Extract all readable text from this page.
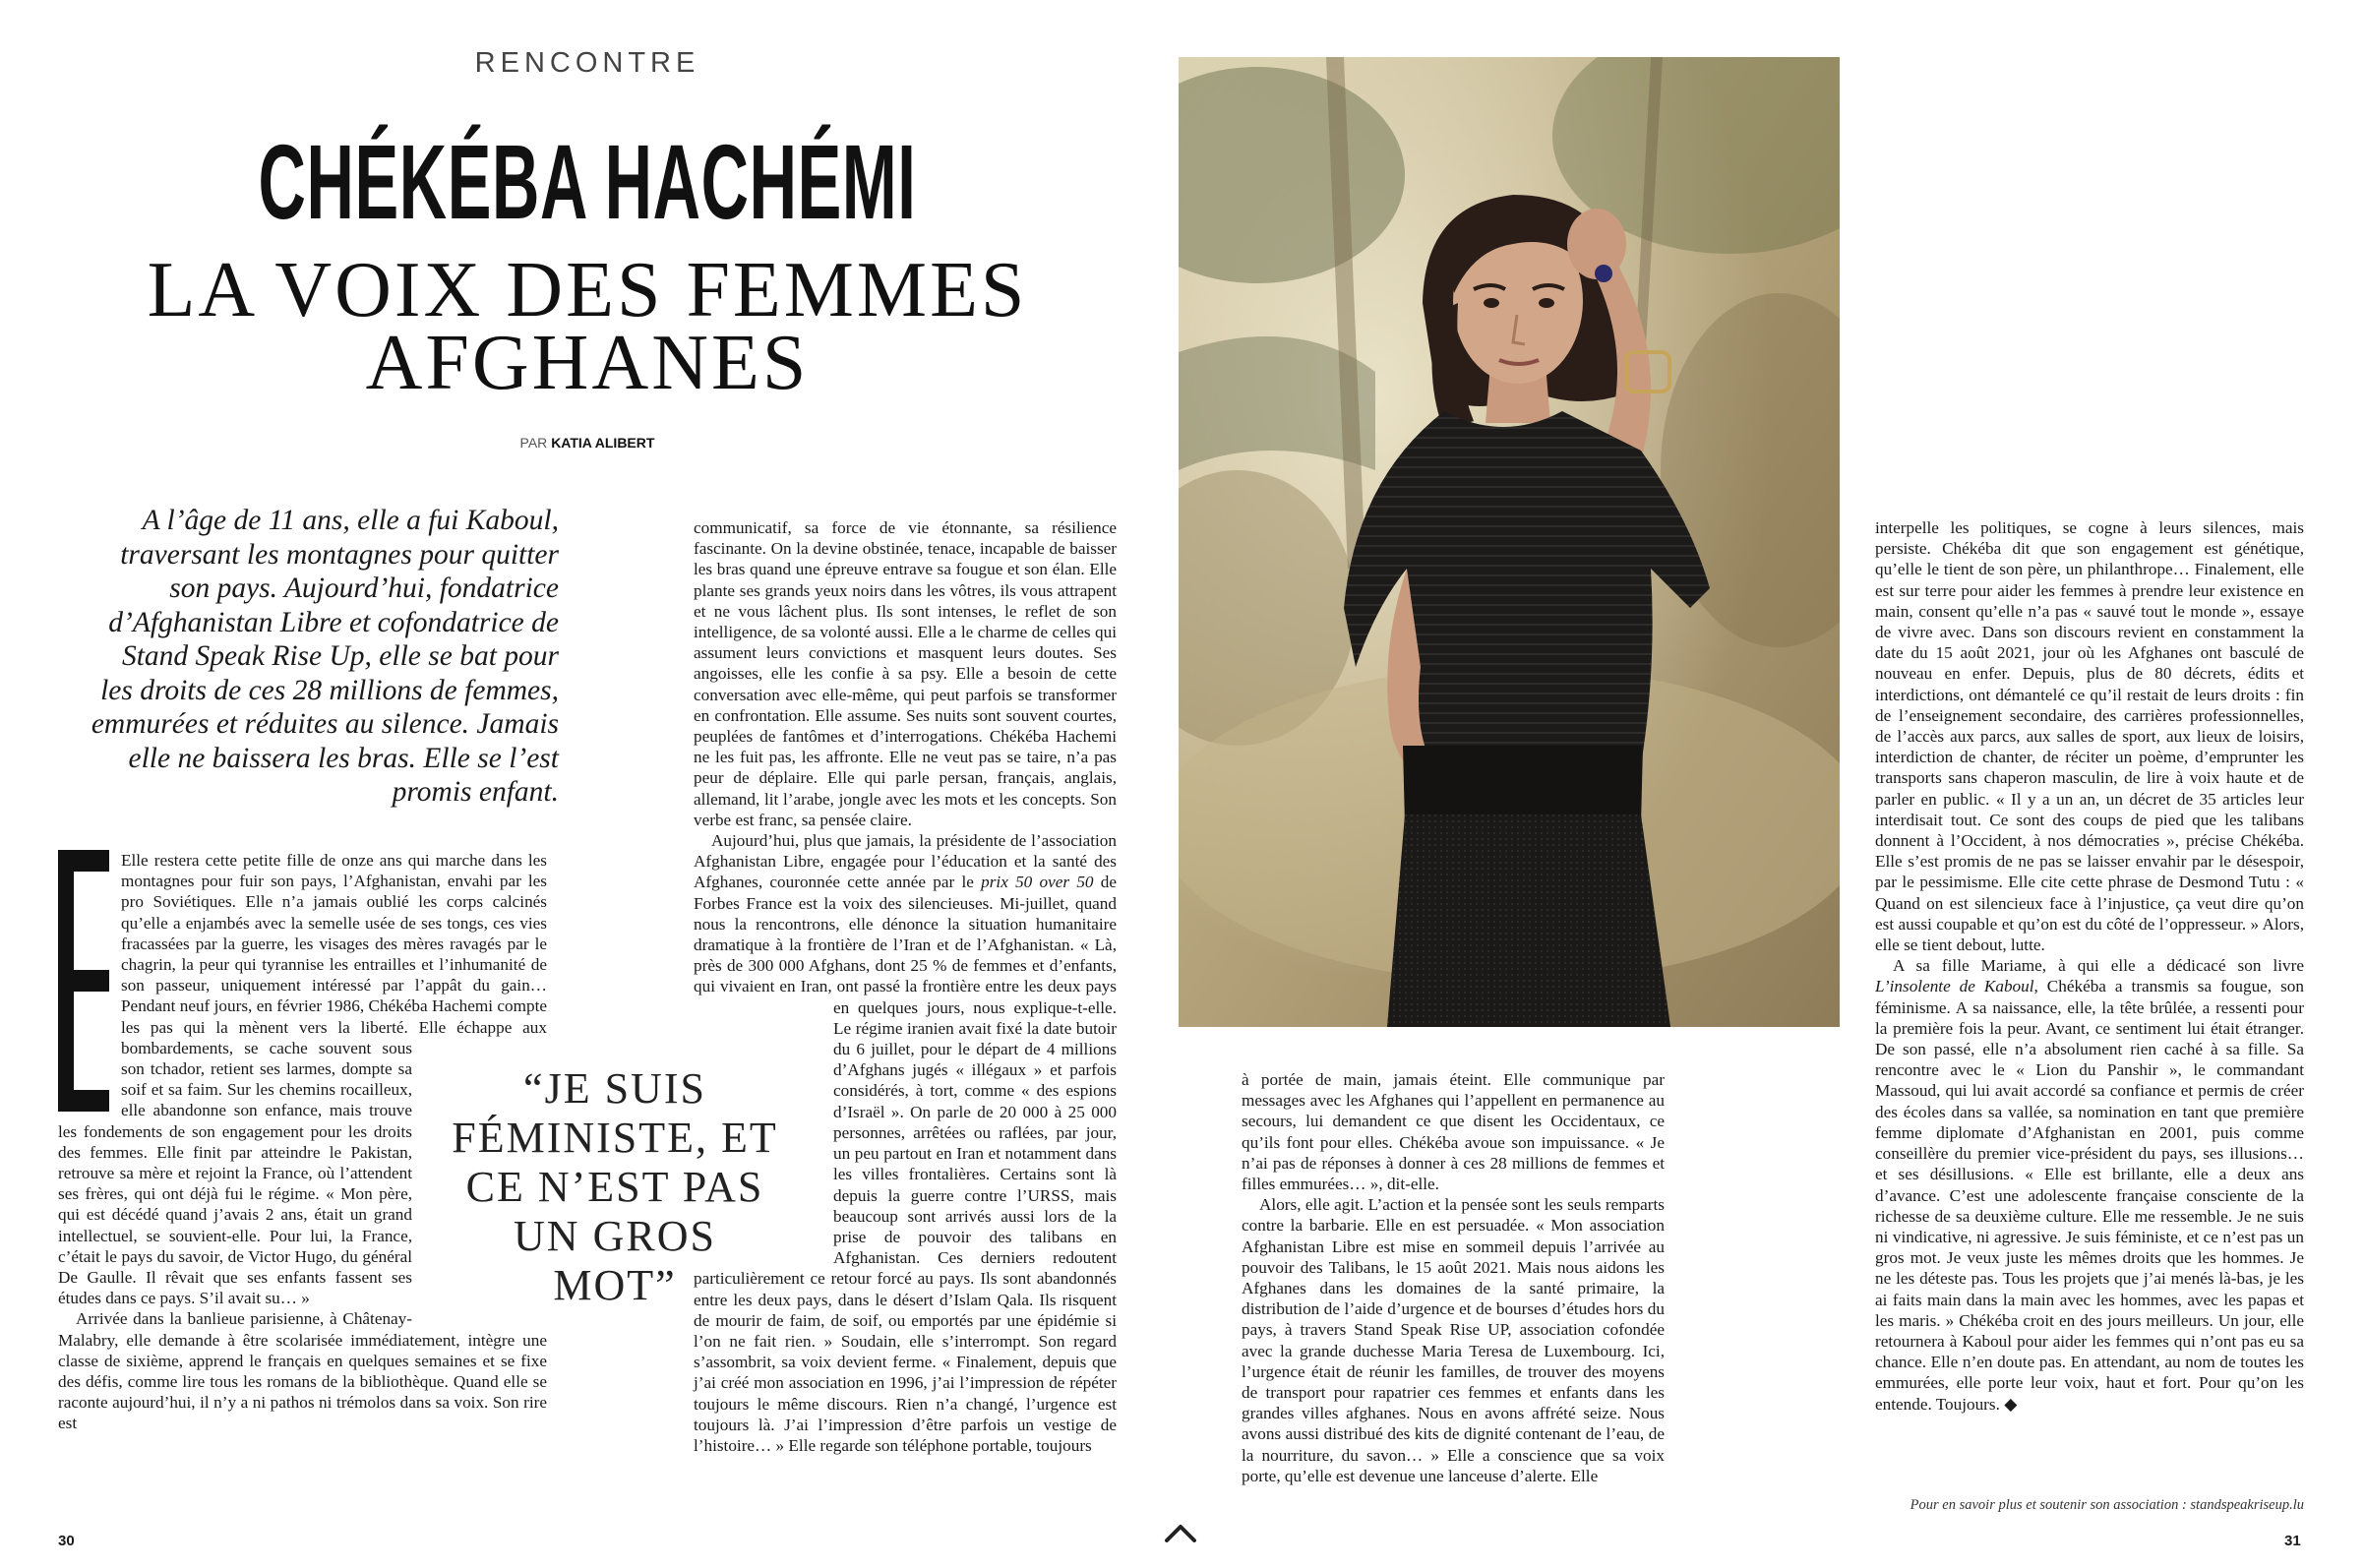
RENCONTRE
CHÉKÉBA HACHÉMI
LA VOIX DES FEMMES
AFGHANES
PAR KATIA ALIBERT
A l’âge de 11 ans, elle a fui Kaboul, traversant les montagnes pour quitter son pays. Aujourd’hui, fondatrice d’Afghanistan Libre et cofondatrice de Stand Speak Rise Up, elle se bat pour les droits de ces 28 millions de femmes, emmurées et réduites au silence. Jamais elle ne baissera les bras. Elle se l’est promis enfant.

Elle restera cette petite fille de onze ans qui marche dans les montagnes pour fuir son pays, l’Afghanistan, envahi par les pro Soviétiques. Elle n’a jamais oublié les corps calcinés qu’elle a enjambés avec la semelle usée de ses tongs, ces vies fracassées par la guerre, les visages des mères ravagés par le chagrin, la peur qui tyrannise les entrailles et l’inhumanité de son passeur, uniquement intéressé par l’appât du gain… Pendant neuf jours, en février 1986, Chékéba Hachemi compte les pas qui la mènent vers la liberté. Elle échappe aux bombardements, se cache souvent sous son tchador, retient ses larmes, dompte sa soif et sa faim. Sur les chemins rocailleux, elle abandonne son enfance, mais trouve les fondements de son engagement pour les droits des femmes. Elle finit par atteindre le Pakistan, retrouve sa mère et rejoint la France, où l’attendent ses frères, qui ont déjà fui le régime. « Mon père, qui est décédé quand j’avais 2 ans, était un grand intellectuel, se souvient-elle. Pour lui, la France, c’était le pays du savoir, de Victor Hugo, du général De Gaulle. Il rêvait que ses enfants fassent ses études dans ce pays. S’il avait su… »

Arrivée dans la banlieue parisienne, à Châtenay-Malabry, elle demande à être scolarisée immédiatement, intègre une classe de sixième, apprend le français en quelques semaines et se fixe des défis, comme lire tous les romans de la bibliothèque. Quand elle se raconte aujourd’hui, il n’y a ni pathos ni trémolos dans sa voix. Son rire est

communicatif, sa force de vie étonnante, sa résilience fascinante. On la devine obstinée, tenace, incapable de baisser les bras quand une épreuve entrave sa fougue et son élan. Elle plante ses grands yeux noirs dans les vôtres, ils vous attrapent et ne vous lâchent plus. Ils sont intenses, le reflet de son intelligence, de sa volonté aussi. Elle a le charme de celles qui assument leurs convictions et masquent leurs doutes. Ses angoisses, elle les confie à sa psy. Elle a besoin de cette conversation avec elle-même, qui peut parfois se transformer en confrontation. Elle assume. Ses nuits sont souvent courtes, peuplées de fantômes et d’interrogations. Chékéba Hachemi ne les fuit pas, les affronte. Elle ne veut pas se taire, n’a pas peur de déplaire. Elle qui parle persan, français, anglais, allemand, lit l’arabe, jongle avec les mots et les concepts. Son verbe est franc, sa pensée claire.

Aujourd’hui, plus que jamais, la présidente de l’association Afghanistan Libre, engagée pour l’éducation et la santé des Afghanes, couronnée cette année par le prix 50 over 50 de Forbes France est la voix des silencieuses. Mi-juillet, quand nous la rencontrons, elle dénonce la situation humanitaire dramatique à la frontière de l’Iran et de l’Afghanistan. « Là, près de 300 000 Afghans, dont 25 % de femmes et d’enfants, qui vivaient en Iran, ont passé la frontière entre les deux pays en quelques jours, nous explique-t-elle. Le régime iranien avait fixé la date butoir du 6 juillet, pour le départ de 4 millions d’Afghans jugés « illégaux » et parfois considérés, à tort, comme « des espions d’Israël ». On parle de 20 000 à 25 000 personnes, arrêtées ou raflées, par jour, un peu partout en Iran et notamment dans les villes frontalières. Certains sont là depuis la guerre contre l’URSS, mais beaucoup sont arrivés aussi lors de la prise de pouvoir des talibans en Afghanistan. Ces derniers redoutent particulièrement ce retour forcé au pays. Ils sont abandonnés entre les deux pays, dans le désert d’Islam Qala. Ils risquent de mourir de faim, de soif, ou emportés par une épidémie si l’on ne fait rien. » Soudain, elle s’interrompt. Son regard s’assombrit, sa voix devient ferme. « Finalement, depuis que j’ai créé mon association en 1996, j’ai l’impression de répéter toujours le même discours. Rien n’a changé, l’urgence est toujours là. J’ai l’impression d’être parfois un vestige de l’histoire… » Elle regarde son téléphone portable, toujours

“JE SUIS FÉMINISTE, ET CE N’EST PAS UN GROS MOT”

à portée de main, jamais éteint. Elle communique par messages avec les Afghanes qui l’appellent en permanence au secours, lui demandent ce que disent les Occidentaux, ce qu’ils font pour elles. Chékéba avoue son impuissance. « Je n’ai pas de réponses à donner à ces 28 millions de femmes et filles emmurées… », dit-elle.

Alors, elle agit. L’action et la pensée sont les seuls remparts contre la barbarie. Elle en est persuadée. « Mon association Afghanistan Libre est mise en sommeil depuis l’arrivée au pouvoir des Talibans, le 15 août 2021. Mais nous aidons les Afghanes dans les domaines de la santé primaire, la distribution de l’aide d’urgence et de bourses d’études hors du pays, à travers Stand Speak Rise UP, association cofondée avec la grande duchesse Maria Teresa de Luxembourg. Ici, l’urgence était de réunir les familles, de trouver des moyens de transport pour rapatrier ces femmes et enfants dans les grandes villes afghanes. Nous en avons affrété seize. Nous avons aussi distribué des kits de dignité contenant de l’eau, de la nourriture, du savon… » Elle a conscience que sa voix porte, qu’elle est devenue une lanceuse d’alerte. Elle

interpelle les politiques, se cogne à leurs silences, mais persiste. Chékéba dit que son engagement est génétique, qu’elle le tient de son père, un philanthrope… Finalement, elle est sur terre pour aider les femmes à prendre leur existence en main, consent qu’elle n’a pas « sauvé tout le monde », essaye de vivre avec. Dans son discours revient en constamment la date du 15 août 2021, jour où les Afghanes ont basculé de nouveau en enfer. Depuis, plus de 80 décrets, édits et interdictions, ont démantelé ce qu’il restait de leurs droits : fin de l’enseignement secondaire, des carrières professionnelles, de l’accès aux parcs, aux salles de sport, aux lieux de loisirs, interdiction de chanter, de réciter un poème, d’emprunter les transports sans chaperon masculin, de lire à voix haute et de parler en public. « Il y a un an, un décret de 35 articles leur interdisait tout. Ce sont des coups de pied que les talibans donnent à l’Occident, à nos démocraties », précise Chékéba. Elle s’est promis de ne pas se laisser envahir par le désespoir, par le pessimisme. Elle cite cette phrase de Desmond Tutu : « Quand on est silencieux face à l’injustice, ça veut dire qu’on est aussi coupable et qu’on est du côté de l’oppresseur. » Alors, elle se tient debout, lutte.

A sa fille Mariame, à qui elle a dédicacé son livre L’insolente de Kaboul, Chékéba a transmis sa fougue, son féminisme. A sa naissance, elle, la tête brûlée, a ressenti pour la première fois la peur. Avant, ce sentiment lui était étranger. De son passé, elle n’a absolument rien caché à sa fille. Sa rencontre avec le « Lion du Panshir », le commandant Massoud, qui lui avait accordé sa confiance et permis de créer des écoles dans sa vallée, sa nomination en tant que première femme diplomate d’Afghanistan en 2001, puis comme conseillère du premier vice-président du pays, ses illusions… et ses désillusions. « Elle est brillante, elle a deux ans d’avance. C’est une adolescente française consciente de la richesse de sa deuxième culture. Elle me ressemble. Je ne suis ni vindicative, ni agressive. Je suis féministe, et ce n’est pas un gros mot. Je veux juste les mêmes droits que les hommes. Je ne les déteste pas. Tous les projets que j’ai menés là-bas, je les ai faits main dans la main avec les hommes, avec les papas et les maris. » Chékéba croit en des jours meilleurs. Un jour, elle retournera à Kaboul pour aider les femmes qui n’ont pas eu sa chance. Elle n’en doute pas. En attendant, au nom de toutes les emmurées, elle porte leur voix, haut et fort. Pour qu’on les entende. Toujours. ◆

Pour en savoir plus et soutenir son association : standspeakriseup.lu
30	31
